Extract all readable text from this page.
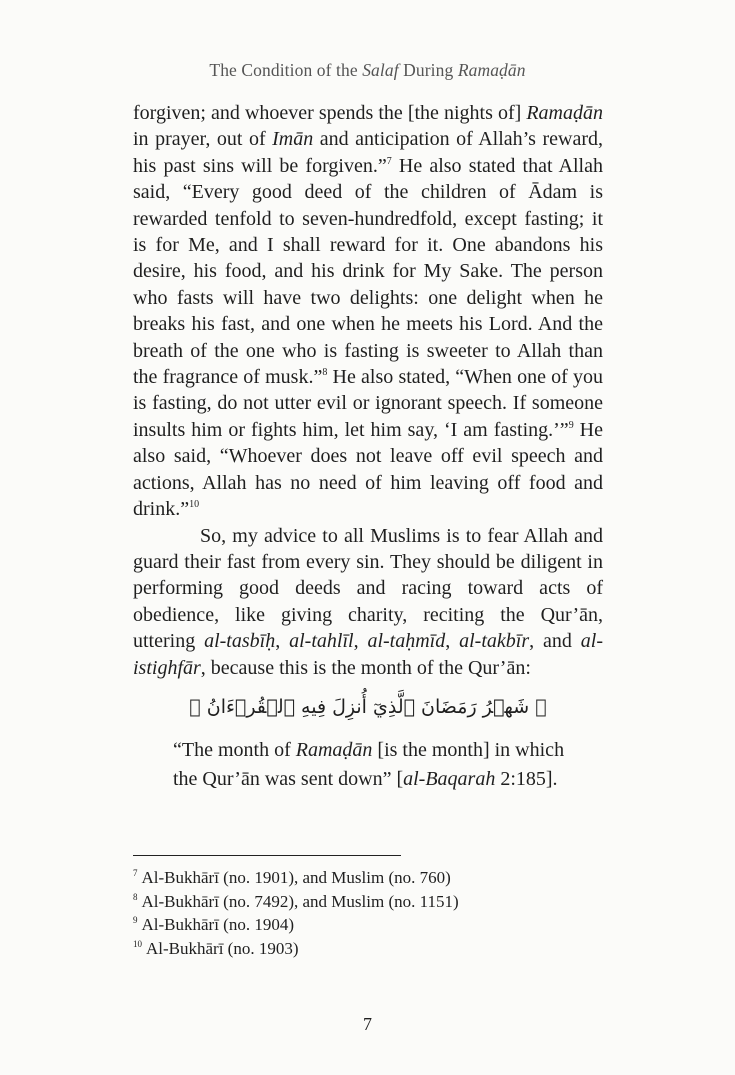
The Condition of the Salaf During Ramaḍān

forgiven; and whoever spends the [the nights of] Ramaḍān in prayer, out of Imān and anticipation of Allah’s reward, his past sins will be forgiven.”$^7$ He also stated that Allah said, “Every good deed of the children of Ādam is rewarded tenfold to seven-hundredfold, except fasting; it is for Me, and I shall reward for it. One abandons his desire, his food, and his drink for My Sake. The person who fasts will have two delights: one delight when he breaks his fast, and one when he meets his Lord. And the breath of the one who is fasting is sweeter to Allah than the fragrance of musk.”$^8$ He also stated, “When one of you is fasting, do not utter evil or ignorant speech. If someone insults him or fights him, let him say, ‘I am fasting.’”$^9$ He also said, “Whoever does not leave off evil speech and actions, Allah has no need of him leaving off food and drink.”$^{10}$

So, my advice to all Muslims is to fear Allah and guard their fast from every sin. They should be diligent in performing good deeds and racing toward acts of obedience, like giving charity, reciting the Qur’ān, uttering al-tasbīḥ, al-tahlīl, al-taḥmīd, al-takbīr, and al-istighfār, because this is the month of the Qur’ān:

﴾ شَهۡرُ رَمَضَانَ ٱلَّذِيٓ أُنزِلَ فِيهِ ٱلۡقُرۡءَانُ ﴿
“The month of Ramaḍān [is the month] in which the Qur’ān was sent down” [al-Baqarah 2:185].
$^7$ Al-Bukhārī (no. 1901), and Muslim (no. 760)
$^8$ Al-Bukhārī (no. 7492), and Muslim (no. 1151)
$^9$ Al-Bukhārī (no. 1904)
$^{10}$ Al-Bukhārī (no. 1903)
7
